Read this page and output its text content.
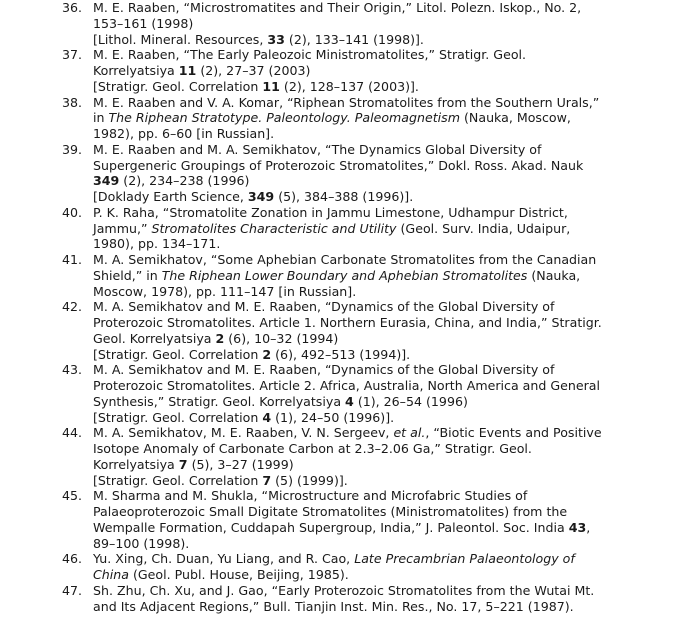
36. M. E. Raaben, “Microstromatites and Their Origin,” Litol. Polezn. Iskop., No. 2,
153–161 (1998)
[Lithol. Mineral. Resources, 33 (2), 133–141 (1998)].
37. M. E. Raaben, “The Early Paleozoic Ministromatolites,” Stratigr. Geol.
Korrelyatsiya 11 (2), 27–37 (2003)
[Stratigr. Geol. Correlation 11 (2), 128–137 (2003)].
38. M. E. Raaben and V. A. Komar, “Riphean Stromatolites from the Southern Urals,”
in The Riphean Stratotype. Paleontology. Paleomagnetism (Nauka, Moscow,
1982), pp. 6–60 [in Russian].
39. M. E. Raaben and M. A. Semikhatov, “The Dynamics Global Diversity of
Supergeneric Groupings of Proterozoic Stromatolites,” Dokl. Ross. Akad. Nauk
349 (2), 234–238 (1996)
[Doklady Earth Science, 349 (5), 384–388 (1996)].
40. P. K. Raha, “Stromatolite Zonation in Jammu Limestone, Udhampur District,
Jammu,” Stromatolites Characteristic and Utility (Geol. Surv. India, Udaipur,
1980), pp. 134–171.
41. M. A. Semikhatov, “Some Aphebian Carbonate Stromatolites from the Canadian
Shield,” in The Riphean Lower Boundary and Aphebian Stromatolites (Nauka,
Moscow, 1978), pp. 111–147 [in Russian].
42. M. A. Semikhatov and M. E. Raaben, “Dynamics of the Global Diversity of
Proterozoic Stromatolites. Article 1. Northern Eurasia, China, and India,” Stratigr.
Geol. Korrelyatsiya 2 (6), 10–32 (1994)
[Stratigr. Geol. Correlation 2 (6), 492–513 (1994)].
43. M. A. Semikhatov and M. E. Raaben, “Dynamics of the Global Diversity of
Proterozoic Stromatolites. Article 2. Africa, Australia, North America and General
Synthesis,” Stratigr. Geol. Korrelyatsiya 4 (1), 26–54 (1996)
[Stratigr. Geol. Correlation 4 (1), 24–50 (1996)].
44. M. A. Semikhatov, M. E. Raaben, V. N. Sergeev, et al., “Biotic Events and Positive
Isotope Anomaly of Carbonate Carbon at 2.3–2.06 Ga,” Stratigr. Geol.
Korrelyatsiya 7 (5), 3–27 (1999)
[Stratigr. Geol. Correlation 7 (5) (1999)].
45. M. Sharma and M. Shukla, “Microstructure and Microfabric Studies of
Palaeoproterozoic Small Digitate Stromatolites (Ministromatolites) from the
Wempalle Formation, Cuddapah Supergroup, India,” J. Paleontol. Soc. India 43,
89–100 (1998).
46. Yu. Xing, Ch. Duan, Yu Liang, and R. Cao, Late Precambrian Palaeontology of
China (Geol. Publ. House, Beijing, 1985).
47. Sh. Zhu, Ch. Xu, and J. Gao, “Early Proterozoic Stromatolites from the Wutai Mt.
and Its Adjacent Regions,” Bull. Tianjin Inst. Min. Res., No. 17, 5–221 (1987).
